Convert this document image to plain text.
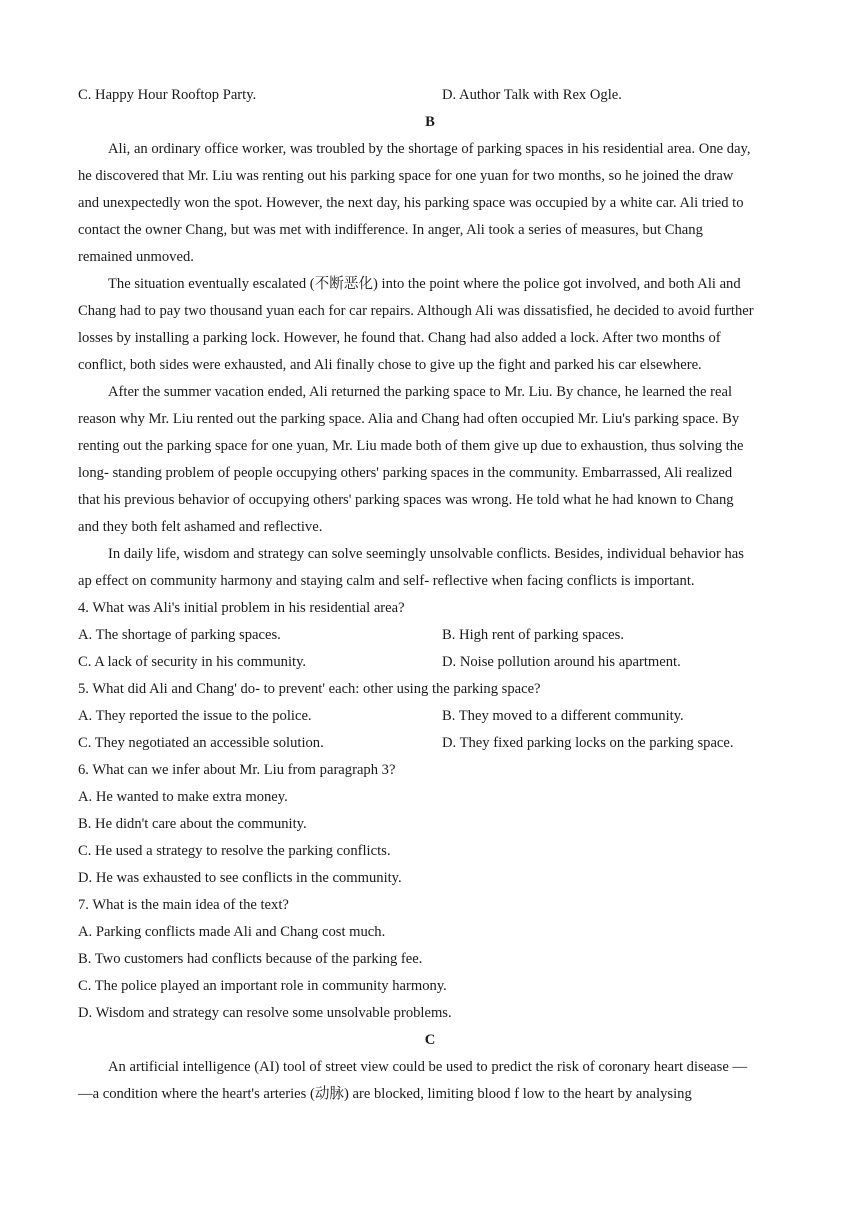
C. Happy Hour Rooftop Party.	D. Author Talk with Rex Ogle.
B
Ali, an ordinary office worker, was troubled by the shortage of parking spaces in his residential area. One day,
he discovered that Mr. Liu was renting out his parking space for one yuan for two months, so he joined the draw
and unexpectedly won the spot. However, the next day, his parking space was occupied by a white car. Ali tried to
contact the owner Chang, but was met with indifference. In anger, Ali took a series of measures, but Chang
remained unmoved.
The situation eventually escalated (不断恶化) into the point where the police got involved, and both Ali and
Chang had to pay two thousand yuan each for car repairs. Although Ali was dissatisfied, he decided to avoid further
losses by installing a parking lock. However, he found that. Chang had also added a lock. After two months of
conflict, both sides were exhausted, and Ali finally chose to give up the fight and parked his car elsewhere.
After the summer vacation ended, Ali returned the parking space to Mr. Liu. By chance, he learned the real
reason why Mr. Liu rented out the parking space. Alia and Chang had often occupied Mr. Liu's parking space. By
renting out the parking space for one yuan, Mr. Liu made both of them give up due to exhaustion, thus solving the
long- standing problem of people occupying others' parking spaces in the community. Embarrassed, Ali realized
that his previous behavior of occupying others' parking spaces was wrong. He told what he had known to Chang
and they both felt ashamed and reflective.
In daily life, wisdom and strategy can solve seemingly unsolvable conflicts. Besides, individual behavior has
ap effect on community harmony and staying calm and self- reflective when facing conflicts is important.
4. What was Ali's initial problem in his residential area?
A. The shortage of parking spaces.	B. High rent of parking spaces.
C. A lack of security in his community.	D. Noise pollution around his apartment.
5. What did Ali and Chang' do- to prevent' each: other using the parking space?
A. They reported the issue to the police.	B. They moved to a different community.
C. They negotiated an accessible solution.	D. They fixed parking locks on the parking space.
6. What can we infer about Mr. Liu from paragraph 3?
A. He wanted to make extra money.
B. He didn't care about the community.
C. He used a strategy to resolve the parking conflicts.
D. He was exhausted to see conflicts in the community.
7. What is the main idea of the text?
A. Parking conflicts made Ali and Chang cost much.
B. Two customers had conflicts because of the parking fee.
C. The police played an important role in community harmony.
D. Wisdom and strategy can resolve some unsolvable problems.
C
An artificial intelligence (AI) tool of street view could be used to predict the risk of coronary heart disease —
—a condition where the heart's arteries (动脉) are blocked, limiting blood f low to the heart by analysing
